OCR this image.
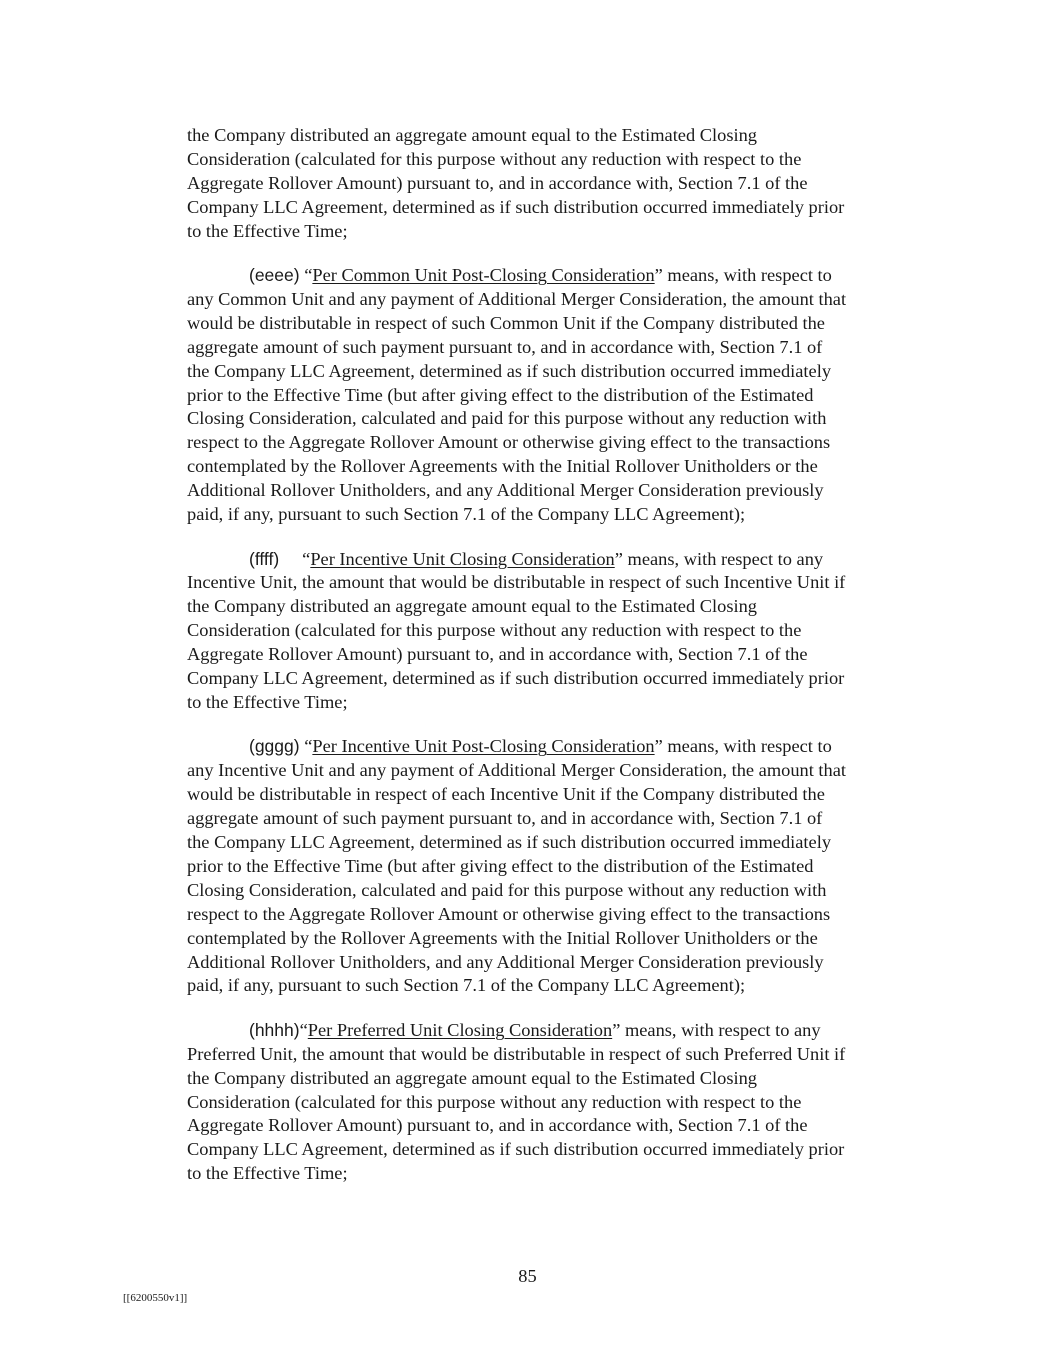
the Company distributed an aggregate amount equal to the Estimated Closing
Consideration (calculated for this purpose without any reduction with respect to the
Aggregate Rollover Amount) pursuant to, and in accordance with, Section 7.1 of the
Company LLC Agreement, determined as if such distribution occurred immediately prior
to the Effective Time;
(eeee) “Per Common Unit Post-Closing Consideration” means, with respect to
any Common Unit and any payment of Additional Merger Consideration, the amount that
would be distributable in respect of such Common Unit if the Company distributed the
aggregate amount of such payment pursuant to, and in accordance with, Section 7.1 of
the Company LLC Agreement, determined as if such distribution occurred immediately
prior to the Effective Time (but after giving effect to the distribution of the Estimated
Closing Consideration, calculated and paid for this purpose without any reduction with
respect to the Aggregate Rollover Amount or otherwise giving effect to the transactions
contemplated by the Rollover Agreements with the Initial Rollover Unitholders or the
Additional Rollover Unitholders, and any Additional Merger Consideration previously
paid, if any, pursuant to such Section 7.1 of the Company LLC Agreement);
(ffff)     “Per Incentive Unit Closing Consideration” means, with respect to any
Incentive Unit, the amount that would be distributable in respect of such Incentive Unit if
the Company distributed an aggregate amount equal to the Estimated Closing
Consideration (calculated for this purpose without any reduction with respect to the
Aggregate Rollover Amount) pursuant to, and in accordance with, Section 7.1 of the
Company LLC Agreement, determined as if such distribution occurred immediately prior
to the Effective Time;
(gggg) “Per Incentive Unit Post-Closing Consideration” means, with respect to
any Incentive Unit and any payment of Additional Merger Consideration, the amount that
would be distributable in respect of each Incentive Unit if the Company distributed the
aggregate amount of such payment pursuant to, and in accordance with, Section 7.1 of
the Company LLC Agreement, determined as if such distribution occurred immediately
prior to the Effective Time (but after giving effect to the distribution of the Estimated
Closing Consideration, calculated and paid for this purpose without any reduction with
respect to the Aggregate Rollover Amount or otherwise giving effect to the transactions
contemplated by the Rollover Agreements with the Initial Rollover Unitholders or the
Additional Rollover Unitholders, and any Additional Merger Consideration previously
paid, if any, pursuant to such Section 7.1 of the Company LLC Agreement);
(hhhh)“Per Preferred Unit Closing Consideration” means, with respect to any
Preferred Unit, the amount that would be distributable in respect of such Preferred Unit if
the Company distributed an aggregate amount equal to the Estimated Closing
Consideration (calculated for this purpose without any reduction with respect to the
Aggregate Rollover Amount) pursuant to, and in accordance with, Section 7.1 of the
Company LLC Agreement, determined as if such distribution occurred immediately prior
to the Effective Time;
85
[[6200550v1]]
